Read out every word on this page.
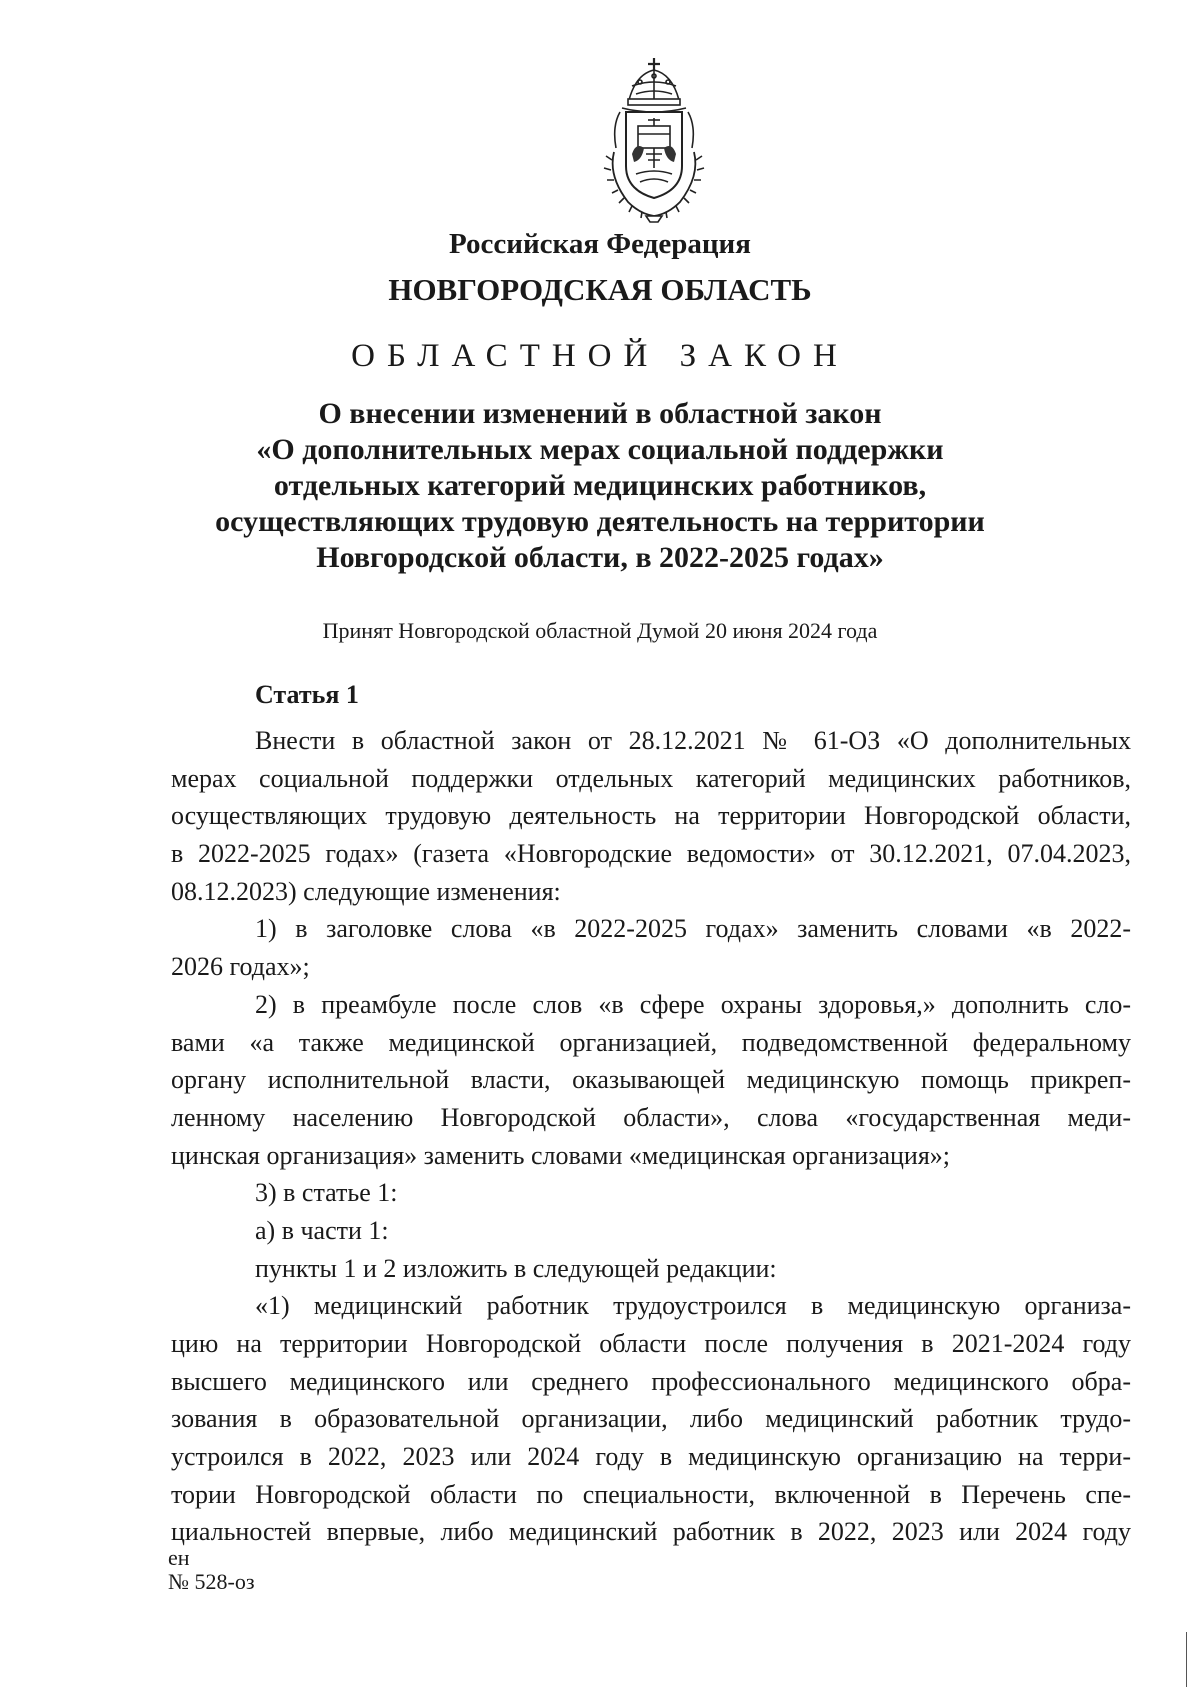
Российская Федерация
НОВГОРОДСКАЯ ОБЛАСТЬ
ОБЛАСТНОЙ ЗАКОН
О внесении изменений в областной закон
«О дополнительных мерах социальной поддержки
отдельных категорий медицинских работников,
осуществляющих трудовую деятельность на территории
Новгородской области, в 2022-2025 годах»
Принят Новгородской областной Думой 20 июня 2024 года
Статья 1
Внести в областной закон от 28.12.2021 № 61-ОЗ «О дополнительных
мерах социальной поддержки отдельных категорий медицинских работников,
осуществляющих трудовую деятельность на территории Новгородской области,
в 2022-2025 годах» (газета «Новгородские ведомости» от 30.12.2021, 07.04.2023,
08.12.2023) следующие изменения:
1) в заголовке слова «в 2022-2025 годах» заменить словами «в 2022-
2026 годах»;
2) в преамбуле после слов «в сфере охраны здоровья,» дополнить сло-
вами «а также медицинской организацией, подведомственной федеральному
органу исполнительной власти, оказывающей медицинскую помощь прикреп-
ленному населению Новгородской области», слова «государственная меди-
цинская организация» заменить словами «медицинская организация»;
3) в статье 1:
а) в части 1:
пункты 1 и 2 изложить в следующей редакции:
«1) медицинский работник трудоустроился в медицинскую организа-
цию на территории Новгородской области после получения в 2021-2024 году
высшего медицинского или среднего профессионального медицинского обра-
зования в образовательной организации, либо медицинский работник трудо-
устроился в 2022, 2023 или 2024 году в медицинскую организацию на терри-
тории Новгородской области по специальности, включенной в Перечень спе-
циальностей впервые, либо медицинский работник в 2022, 2023 или 2024 году
ен
№ 528-оз
